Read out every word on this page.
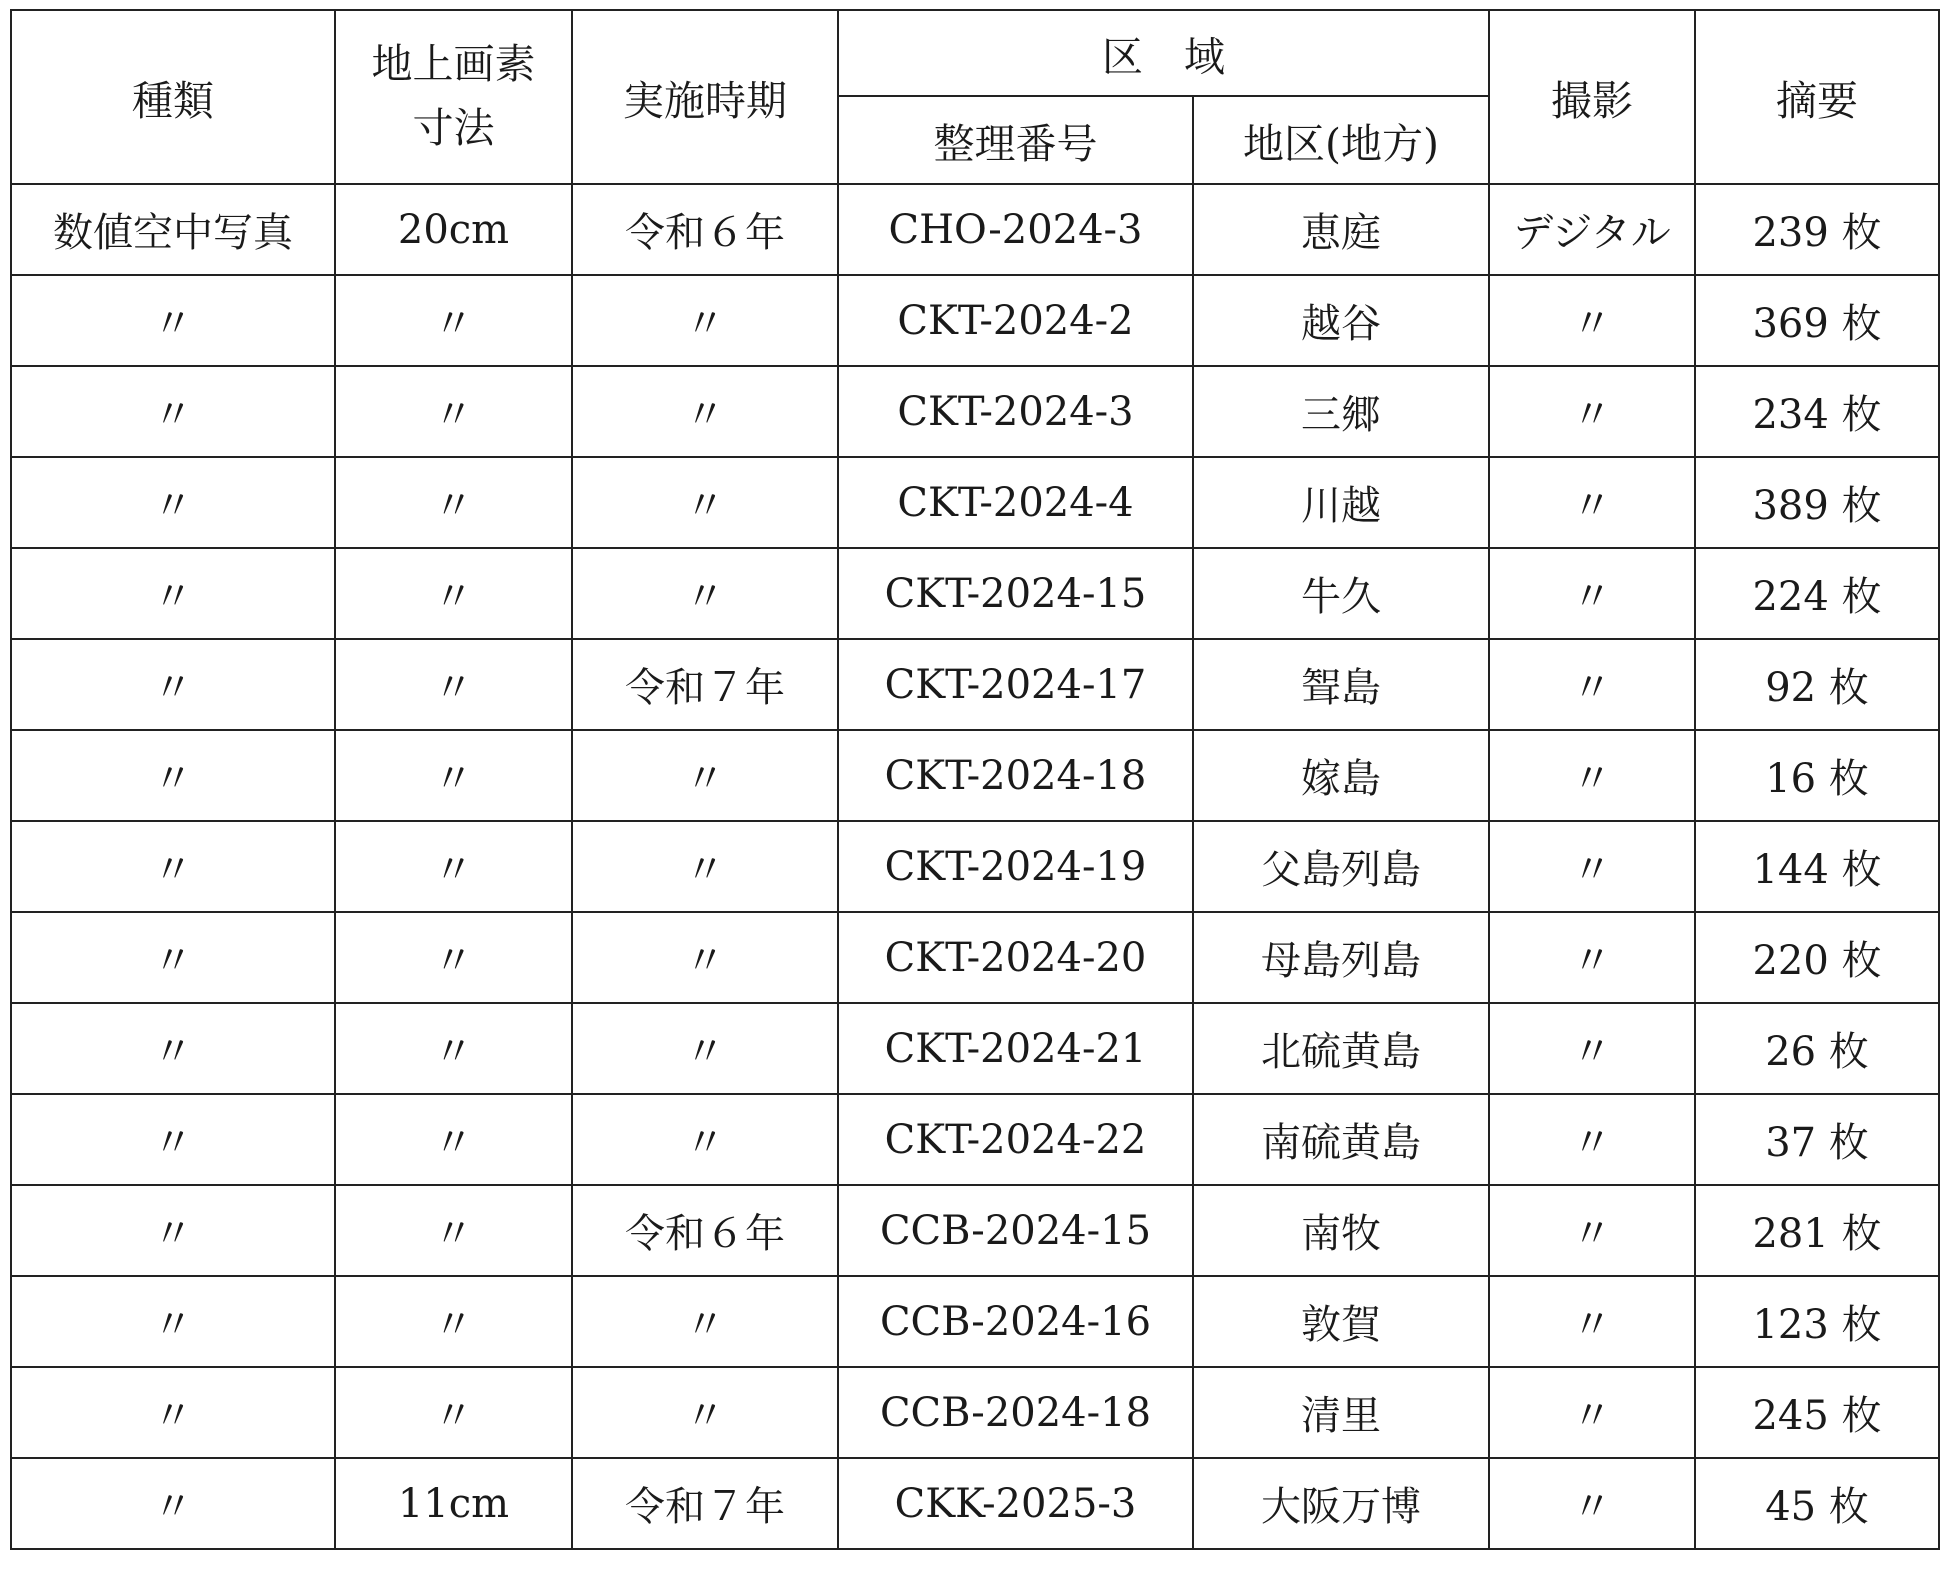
種類	地上画素寸法	実施時期	区　域		撮影	摘要
			整理番号	地区(地方)		
数値空中写真	20cm	令和６年	CHO-2024-3	恵庭	デジタル	239 枚
〃	〃	〃	CKT-2024-2	越谷	〃	369 枚
〃	〃	〃	CKT-2024-3	三郷	〃	234 枚
〃	〃	〃	CKT-2024-4	川越	〃	389 枚
〃	〃	〃	CKT-2024-15	牛久	〃	224 枚
〃	〃	令和７年	CKT-2024-17	聟島	〃	92 枚
〃	〃	〃	CKT-2024-18	嫁島	〃	16 枚
〃	〃	〃	CKT-2024-19	父島列島	〃	144 枚
〃	〃	〃	CKT-2024-20	母島列島	〃	220 枚
〃	〃	〃	CKT-2024-21	北硫黄島	〃	26 枚
〃	〃	〃	CKT-2024-22	南硫黄島	〃	37 枚
〃	〃	令和６年	CCB-2024-15	南牧	〃	281 枚
〃	〃	〃	CCB-2024-16	敦賀	〃	123 枚
〃	〃	〃	CCB-2024-18	清里	〃	245 枚
〃	11cm	令和７年	CKK-2025-3	大阪万博	〃	45 枚
